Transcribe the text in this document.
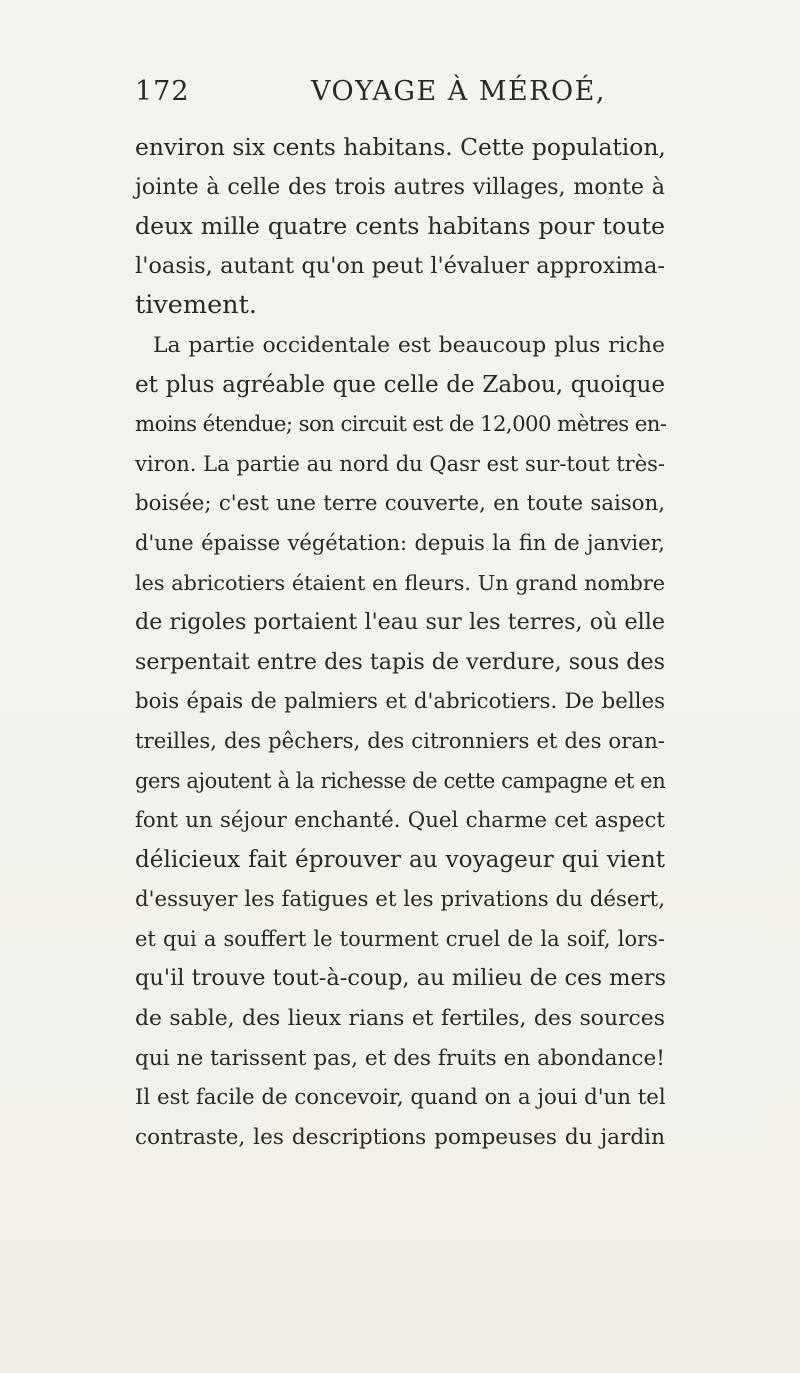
172	VOYAGE À MÉROÉ,
environ six cents habitans. Cette population,
jointe à celle des trois autres villages, monte à
deux mille quatre cents habitans pour toute
l'oasis, autant qu'on peut l'évaluer approxima-
tivement.
La partie occidentale est beaucoup plus riche
et plus agréable que celle de Zabou, quoique
moins étendue; son circuit est de 12,000 mètres en-
viron. La partie au nord du Qasr est sur-tout très-
boisée; c'est une terre couverte, en toute saison,
d'une épaisse végétation: depuis la fin de janvier,
les abricotiers étaient en fleurs. Un grand nombre
de rigoles portaient l'eau sur les terres, où elle
serpentait entre des tapis de verdure, sous des
bois épais de palmiers et d'abricotiers. De belles
treilles, des pêchers, des citronniers et des oran-
gers ajoutent à la richesse de cette campagne et en
font un séjour enchanté. Quel charme cet aspect
délicieux fait éprouver au voyageur qui vient
d'essuyer les fatigues et les privations du désert,
et qui a souffert le tourment cruel de la soif, lors-
qu'il trouve tout-à-coup, au milieu de ces mers
de sable, des lieux rians et fertiles, des sources
qui ne tarissent pas, et des fruits en abondance!
Il est facile de concevoir, quand on a joui d'un tel
contraste, les descriptions pompeuses du jardin
